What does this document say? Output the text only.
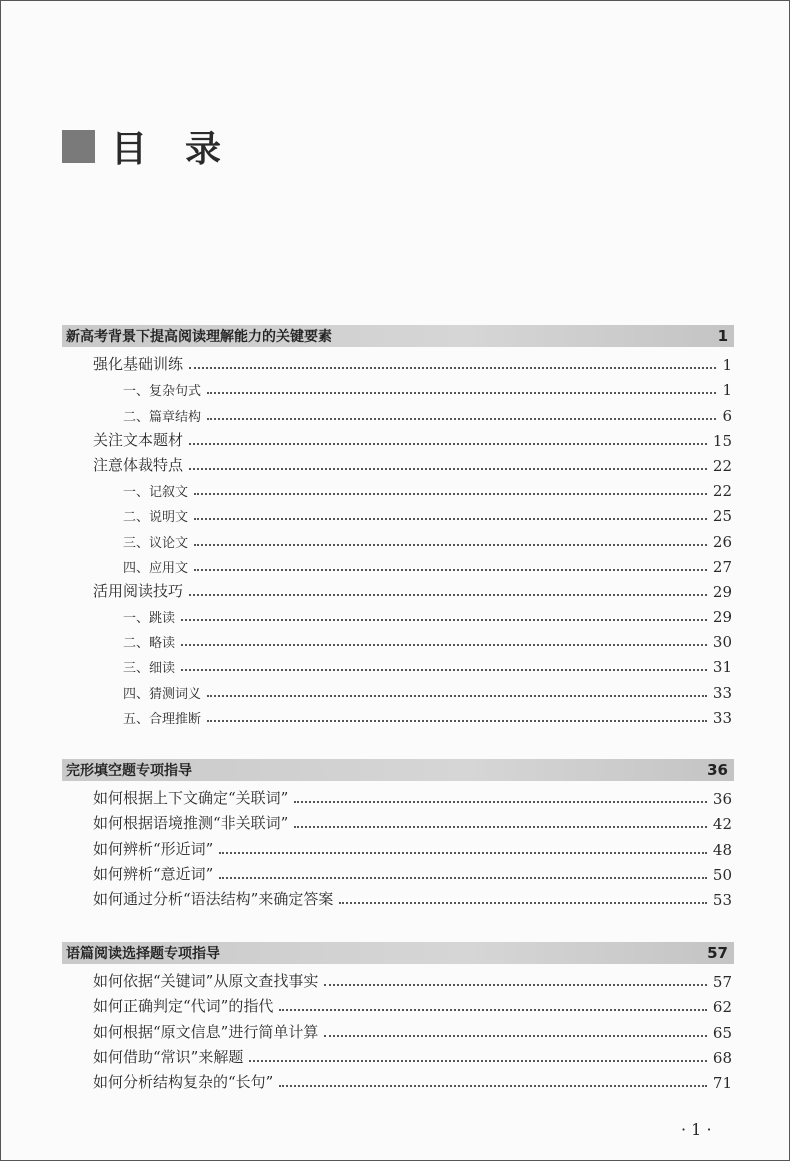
目录
新高考背景下提高阅读理解能力的关键要素	1
强化基础训练	1
一、复杂句式	1
二、篇章结构	6
关注文本题材	15
注意体裁特点	22
一、记叙文	22
二、说明文	25
三、议论文	26
四、应用文	27
活用阅读技巧	29
一、跳读	29
二、略读	30
三、细读	31
四、猜测词义	33
五、合理推断	33
完形填空题专项指导	36
如何根据上下文确定“关联词”	36
如何根据语境推测“非关联词”	42
如何辨析“形近词”	48
如何辨析“意近词”	50
如何通过分析“语法结构”来确定答案	53
语篇阅读选择题专项指导	57
如何依据“关键词”从原文查找事实	57
如何正确判定“代词”的指代	62
如何根据“原文信息”进行简单计算	65
如何借助“常识”来解题	68
如何分析结构复杂的“长句”	71
· 1 ·
